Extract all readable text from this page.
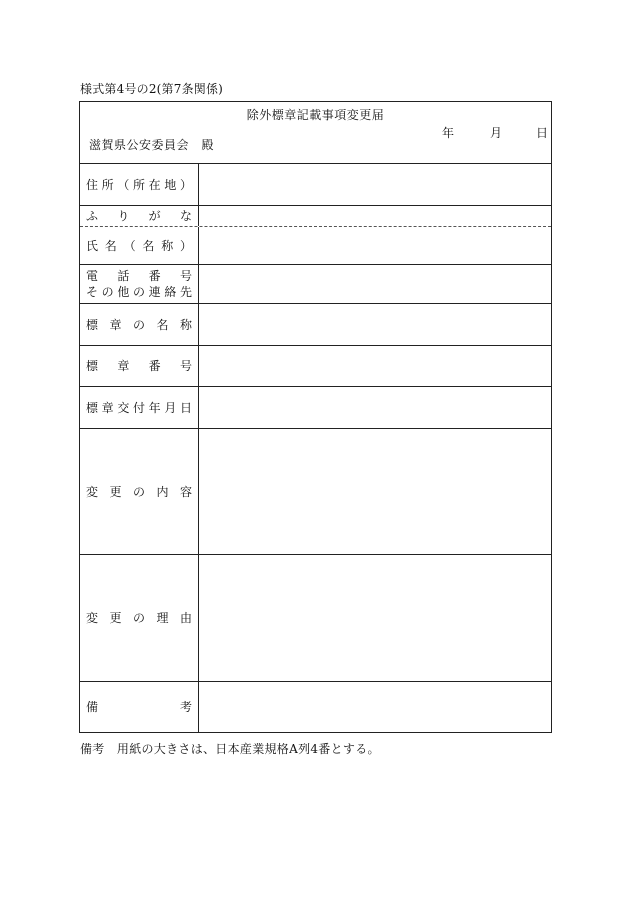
様式第4号の2(第7条関係)
除外標章記載事項変更届
年	月	日
滋賀県公安委員会　殿
住所（所在地）
ふりがな
氏名（名称）
電話番号
その他の連絡先
標章の名称
標章番号
標章交付年月日
変更の内容
変更の理由
備考
備考　用紙の大きさは、日本産業規格A列4番とする。
